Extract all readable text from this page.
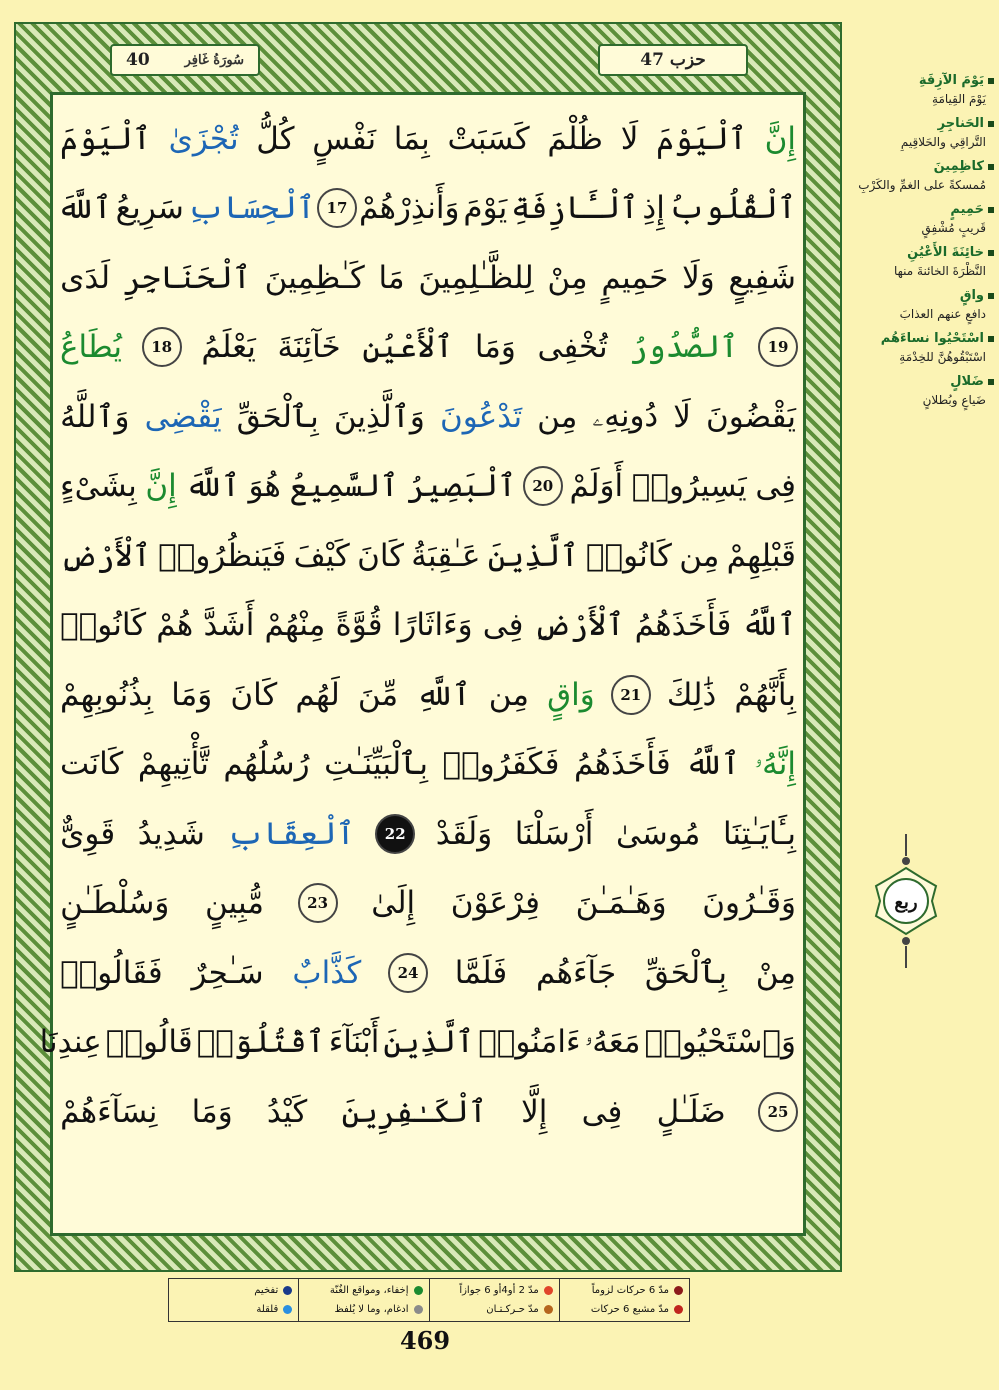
40	سُورَةُ غَافِر	حزب 47
إِنَّ
ٱلْيَوْمَ
لَا
ظُلْمَ
كَسَبَتْ
بِمَا
نَفْسٍ
كُلُّ
تُجْزَىٰ
ٱلْيَوْمَ
ٱلْقُلُوبُ
إِذِ
ٱلْـَٔازِفَةِ
يَوْمَ
وَأَنذِرْهُمْ
17
ٱلْحِسَابِ
سَرِيعُ
ٱللَّهَ
شَفِيعٍ
وَلَا
حَمِيمٍ
مِنْ
لِلظَّـٰلِمِينَ
مَا
كَـٰظِمِينَ
ٱلْحَنَاجِرِ
لَدَى
19
ٱلصُّدُورُ
تُخْفِى
وَمَا
ٱلْأَعْيُنِ
خَآئِنَةَ
يَعْلَمُ
18
يُطَاعُ
يَقْضُونَ
لَا
دُونِهِۦ
مِن
تَدْعُونَ
وَٱلَّذِينَ
بِٱلْحَقِّ
يَقْضِى
وَٱللَّهُ
فِى
يَسِيرُوا۟
أَوَلَمْ
20
ٱلْبَصِيرُ
ٱلسَّمِيعُ
هُوَ
ٱللَّهَ
إِنَّ
بِشَىْءٍ
قَبْلِهِمْ
مِن
كَانُوا۟
ٱلَّذِينَ
عَـٰقِبَةُ
كَانَ
كَيْفَ
فَيَنظُرُوا۟
ٱلْأَرْضِ
ٱللَّهُ
فَأَخَذَهُمُ
ٱلْأَرْضِ
فِى
وَءَاثَارًا
قُوَّةً
مِنْهُمْ
أَشَدَّ
هُمْ
كَانُوا۟
بِأَنَّهُمْ
ذَٰلِكَ
21
وَاقٍ
مِن
ٱللَّهِ
مِّنَ
لَهُم
كَانَ
وَمَا
بِذُنُوبِهِمْ
إِنَّهُۥ
ٱللَّهُ
فَأَخَذَهُمُ
فَكَفَرُوا۟
بِٱلْبَيِّنَـٰتِ
رُسُلُهُم
تَّأْتِيهِمْ
كَانَت
بِـَٔايَـٰتِنَا
مُوسَىٰ
أَرْسَلْنَا
وَلَقَدْ
22
ٱلْعِقَابِ
شَدِيدُ
قَوِىٌّ
وَقَـٰرُونَ
وَهَـٰمَـٰنَ
فِرْعَوْنَ
إِلَىٰ
23
مُّبِينٍ
وَسُلْطَـٰنٍ
مِنْ
بِٱلْحَقِّ
جَآءَهُم
فَلَمَّا
24
كَذَّابٌ
سَـٰحِرٌ
فَقَالُوا۟
وَٱسْتَحْيُوا۟
مَعَهُۥ
ءَامَنُوا۟
ٱلَّذِينَ
أَبْنَآءَ
ٱقْتُلُوٓا۟
قَالُوا۟
عِندِنَا
25
ضَلَـٰلٍ
فِى
إِلَّا
ٱلْكَـٰفِرِينَ
كَيْدُ
وَمَا
نِسَآءَهُمْ
يَوْمَ الآزِفَةِ
يَوْمَ القِيامَةِ
الحَناجِرِ
التَّراقِي والحَلاقِيمِ
كاظِمِينَ
مُمسكةً على الغمِّ والكَرْبِ
حَمِيمٍ
قَريبٍ مُشْفِقٍ
خائِنَةَ الأَعْيُنِ
النَّظْرَةَ الخائنةَ منها
واقٍ
دافعٍ عنهم العذابَ
اسْتَحْيُوا نساءَهُم
اسْتَبْقُوهُنَّ للخِدْمَةِ
ضَلالٍ
ضَياعٍ وبُطلانٍ
ربع
مدّ 6 حركات لزوماً
مدّ مشبع 6 حركات
مدّ 2 أو4أو 6 جوازاً
مدّ حـركـتـان
إخفاء، ومواقع الغُنّة
ادغام، وما لا يُلفظ
تفخيم
قلقلة
469
